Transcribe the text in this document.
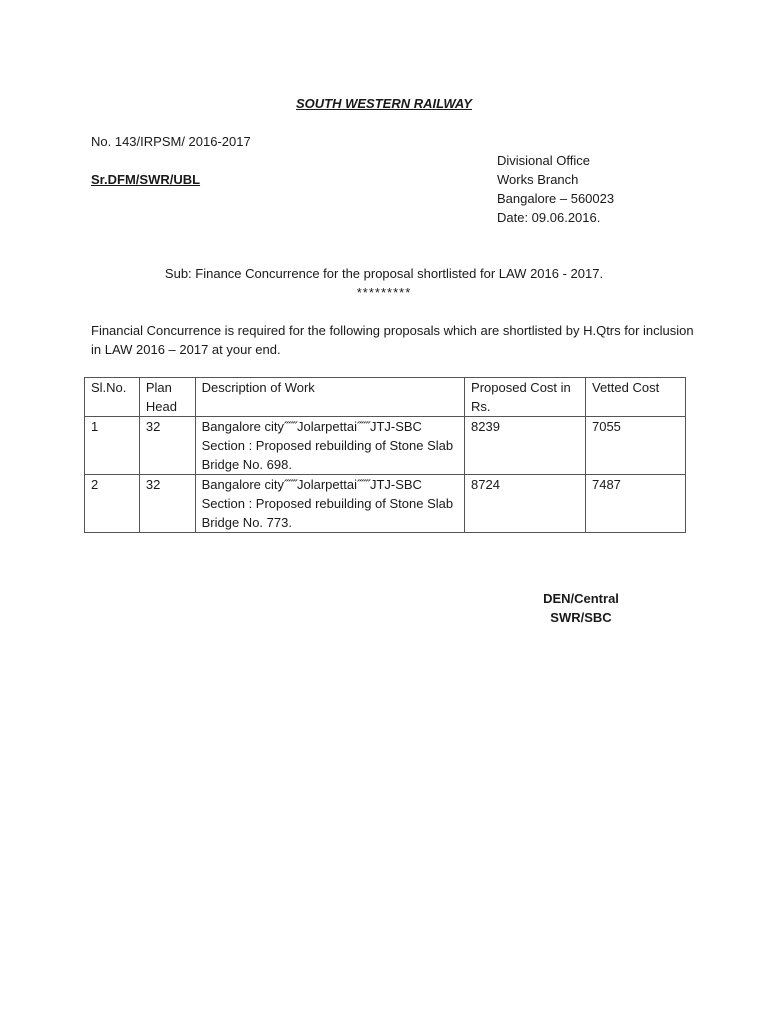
SOUTH WESTERN RAILWAY
No. 143/IRPSM/ 2016-2017
Sr.DFM/SWR/UBL
Divisional Office
Works Branch
Bangalore – 560023
Date: 09.06.2016.
Sub: Finance Concurrence for the proposal shortlisted for LAW 2016 - 2017.
*********
Financial Concurrence is required for the following proposals which are shortlisted by H.Qtrs for inclusion in LAW 2016 – 2017 at your end.
Sl.No.	Plan Head	Description of Work	Proposed Cost in Rs.	Vetted Cost
1	32	Bangalore city˝˝˝Jolarpettai˝˝˝JTJ-SBC Section : Proposed rebuilding of Stone Slab Bridge No. 698.	8239	7055
2	32	Bangalore city˝˝˝Jolarpettai˝˝˝JTJ-SBC Section : Proposed rebuilding of Stone Slab Bridge No. 773.	8724	7487
DEN/Central
SWR/SBC
